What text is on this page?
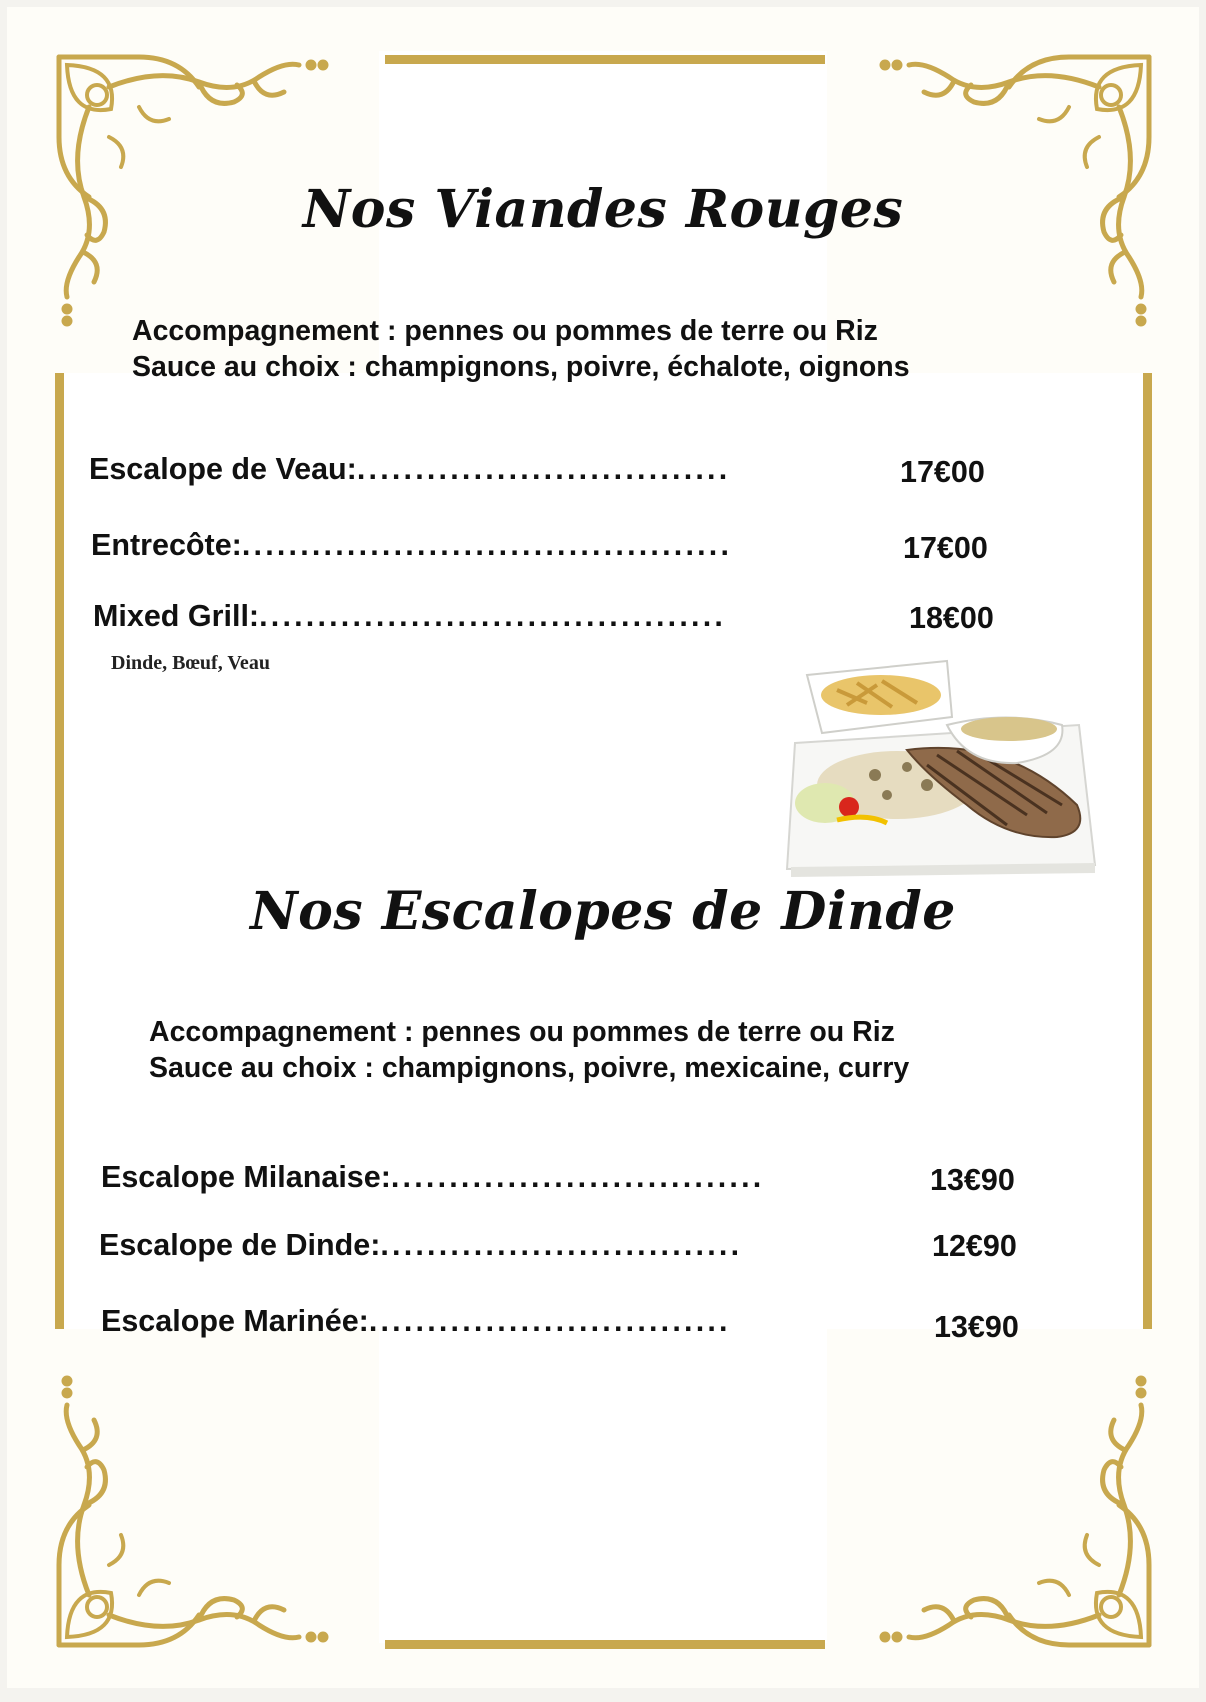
Nos Viandes Rouges
Accompagnement : pennes ou pommes de terre ou Riz
Sauce au choix : champignons, poivre, échalote, oignons
Escalope de Veau:................................	17€00
Entrecôte:..........................................	17€00
Mixed Grill:........................................	18€00
Dinde, Bœuf, Veau
Nos Escalopes de Dinde
Accompagnement : pennes ou pommes de terre ou Riz
Sauce au choix : champignons, poivre, mexicaine, curry
Escalope Milanaise:................................	13€90
Escalope de Dinde:...............................	12€90
Escalope Marinée:...............................	13€90
